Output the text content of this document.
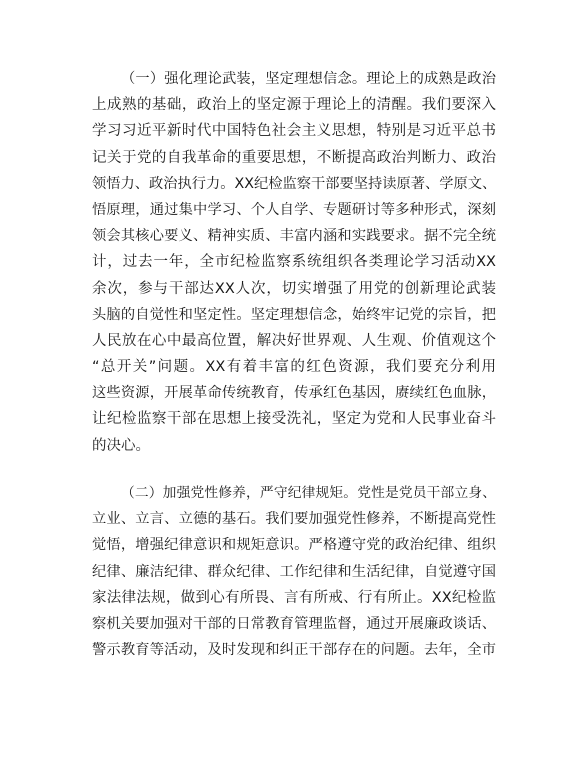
（一）强化理论武装，坚定理想信念。理论上的成熟是政治
上成熟的基础，政治上的坚定源于理论上的清醒。我们要深入
学习习近平新时代中国特色社会主义思想，特别是习近平总书
记关于党的自我革命的重要思想，不断提高政治判断力、政治
领悟力、政治执行力。XX纪检监察干部要坚持读原著、学原文、
悟原理，通过集中学习、个人自学、专题研讨等多种形式，深刻
领会其核心要义、精神实质、丰富内涵和实践要求。据不完全统
计，过去一年，全市纪检监察系统组织各类理论学习活动XX
余次，参与干部达XX人次，切实增强了用党的创新理论武装
头脑的自觉性和坚定性。坚定理想信念，始终牢记党的宗旨，把
人民放在心中最高位置，解决好世界观、人生观、价值观这个
“总开关”问题。XX有着丰富的红色资源，我们要充分利用
这些资源，开展革命传统教育，传承红色基因，赓续红色血脉，
让纪检监察干部在思想上接受洗礼，坚定为党和人民事业奋斗
的决心。
（二）加强党性修养，严守纪律规矩。党性是党员干部立身、
立业、立言、立德的基石。我们要加强党性修养，不断提高党性
觉悟，增强纪律意识和规矩意识。严格遵守党的政治纪律、组织
纪律、廉洁纪律、群众纪律、工作纪律和生活纪律，自觉遵守国
家法律法规，做到心有所畏、言有所戒、行有所止。XX纪检监
察机关要加强对干部的日常教育管理监督，通过开展廉政谈话、
警示教育等活动，及时发现和纠正干部存在的问题。去年，全市
